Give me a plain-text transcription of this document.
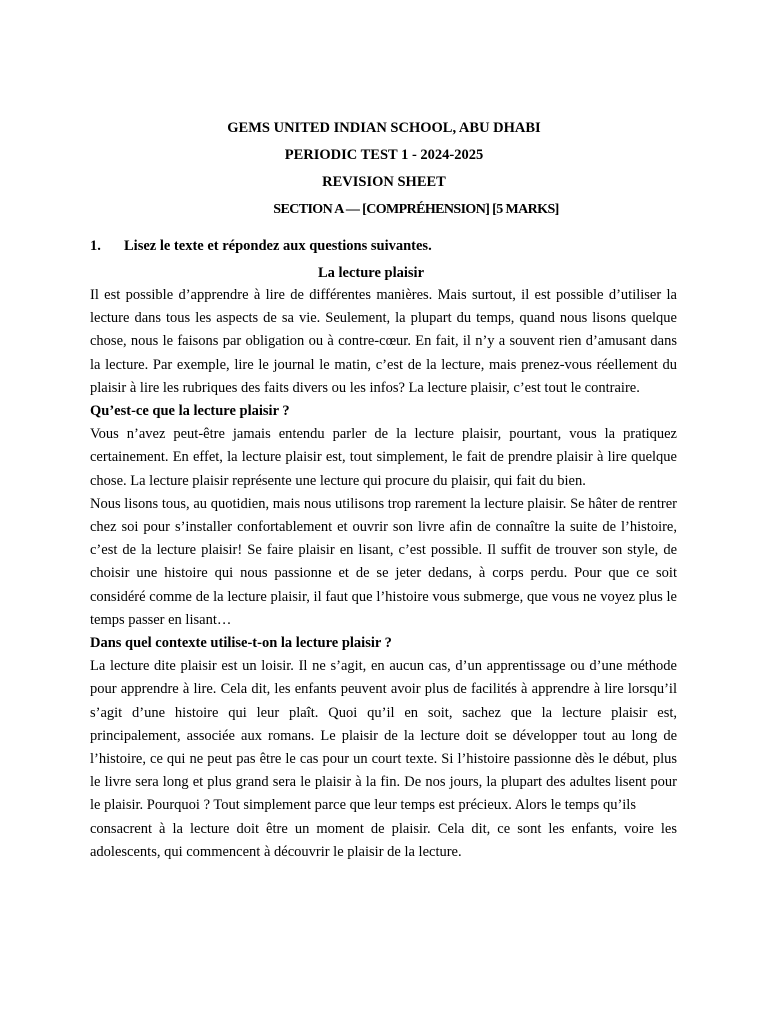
GEMS UNITED INDIAN SCHOOL, ABU DHABI
PERIODIC TEST 1 - 2024-2025
REVISION SHEET
SECTION A — [COMPRÉHENSION] [5 MARKS]
1. Lisez le texte et répondez aux questions suivantes.
La lecture plaisir

Il est possible d’apprendre à lire de différentes manières. Mais surtout, il est possible d’utiliser la lecture dans tous les aspects de sa vie. Seulement, la plupart du temps, quand nous lisons quelque chose, nous le faisons par obligation ou à contre-cœur. En fait, il n’y a souvent rien d’amusant dans la lecture. Par exemple, lire le journal le matin, c’est de la lecture, mais prenez-vous réellement du plaisir à lire les rubriques des faits divers ou les infos? La lecture plaisir, c’est tout le contraire.

Qu’est-ce que la lecture plaisir ?

Vous n’avez peut-être jamais entendu parler de la lecture plaisir, pourtant, vous la pratiquez certainement. En effet, la lecture plaisir est, tout simplement, le fait de prendre plaisir à lire quelque chose. La lecture plaisir représente une lecture qui procure du plaisir, qui fait du bien.

Nous lisons tous, au quotidien, mais nous utilisons trop rarement la lecture plaisir. Se hâter de rentrer chez soi pour s’installer confortablement et ouvrir son livre afin de connaître la suite de l’histoire, c’est de la lecture plaisir! Se faire plaisir en lisant, c’est possible. Il suffit de trouver son style, de choisir une histoire qui nous passionne et de se jeter dedans, à corps perdu. Pour que ce soit considéré comme de la lecture plaisir, il faut que l’histoire vous submerge, que vous ne voyez plus le temps passer en lisant…

Dans quel contexte utilise-t-on la lecture plaisir ?

La lecture dite plaisir est un loisir. Il ne s’agit, en aucun cas, d’un apprentissage ou d’une méthode pour apprendre à lire. Cela dit, les enfants peuvent avoir plus de facilités à apprendre à lire lorsqu’il s’agit d’une histoire qui leur plaît. Quoi qu’il en soit, sachez que la lecture plaisir est, principalement, associée aux romans. Le plaisir de la lecture doit se développer tout au long de l’histoire, ce qui ne peut pas être le cas pour un court texte. Si l’histoire passionne dès le début, plus le livre sera long et plus grand sera le plaisir à la fin. De nos jours, la plupart des adultes lisent pour le plaisir. Pourquoi ? Tout simplement parce que leur temps est précieux. Alors le temps qu’ils

consacrent à la lecture doit être un moment de plaisir. Cela dit, ce sont les enfants, voire les adolescents, qui commencent à découvrir le plaisir de la lecture.
